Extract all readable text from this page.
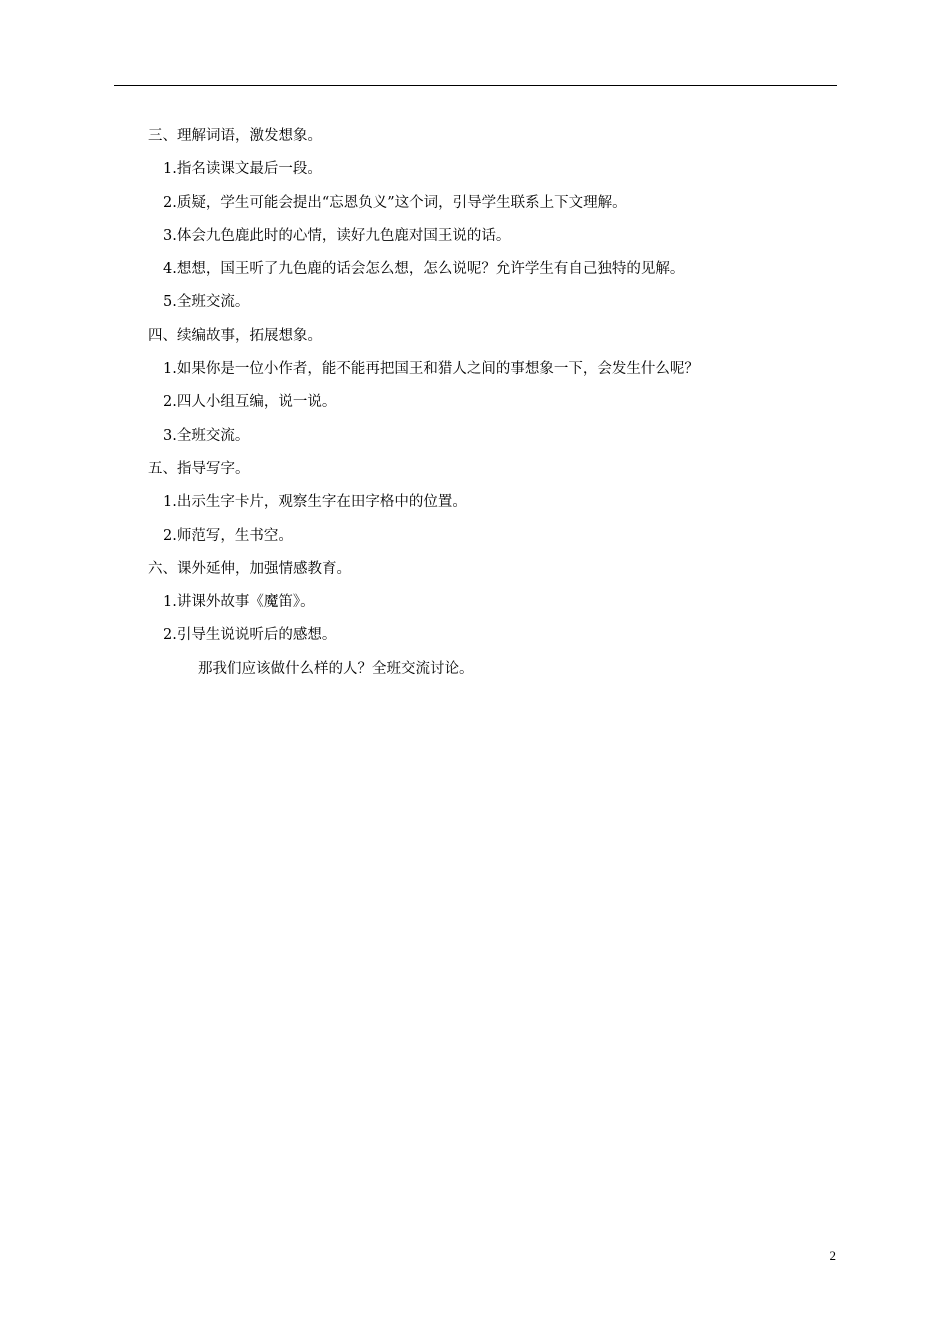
三、理解词语，激发想象。
1.指名读课文最后一段。
2.质疑，学生可能会提出“忘恩负义”这个词，引导学生联系上下文理解。
3.体会九色鹿此时的心情，读好九色鹿对国王说的话。
4.想想，国王听了九色鹿的话会怎么想，怎么说呢？允许学生有自己独特的见解。
5.全班交流。
四、续编故事，拓展想象。
1.如果你是一位小作者，能不能再把国王和猎人之间的事想象一下，会发生什么呢？
2.四人小组互编，说一说。
3.全班交流。
五、指导写字。
1.出示生字卡片，观察生字在田字格中的位置。
2.师范写，生书空。
六、课外延伸，加强情感教育。
1.讲课外故事《魔笛》。
2.引导生说说听后的感想。
那我们应该做什么样的人？全班交流讨论。
2
